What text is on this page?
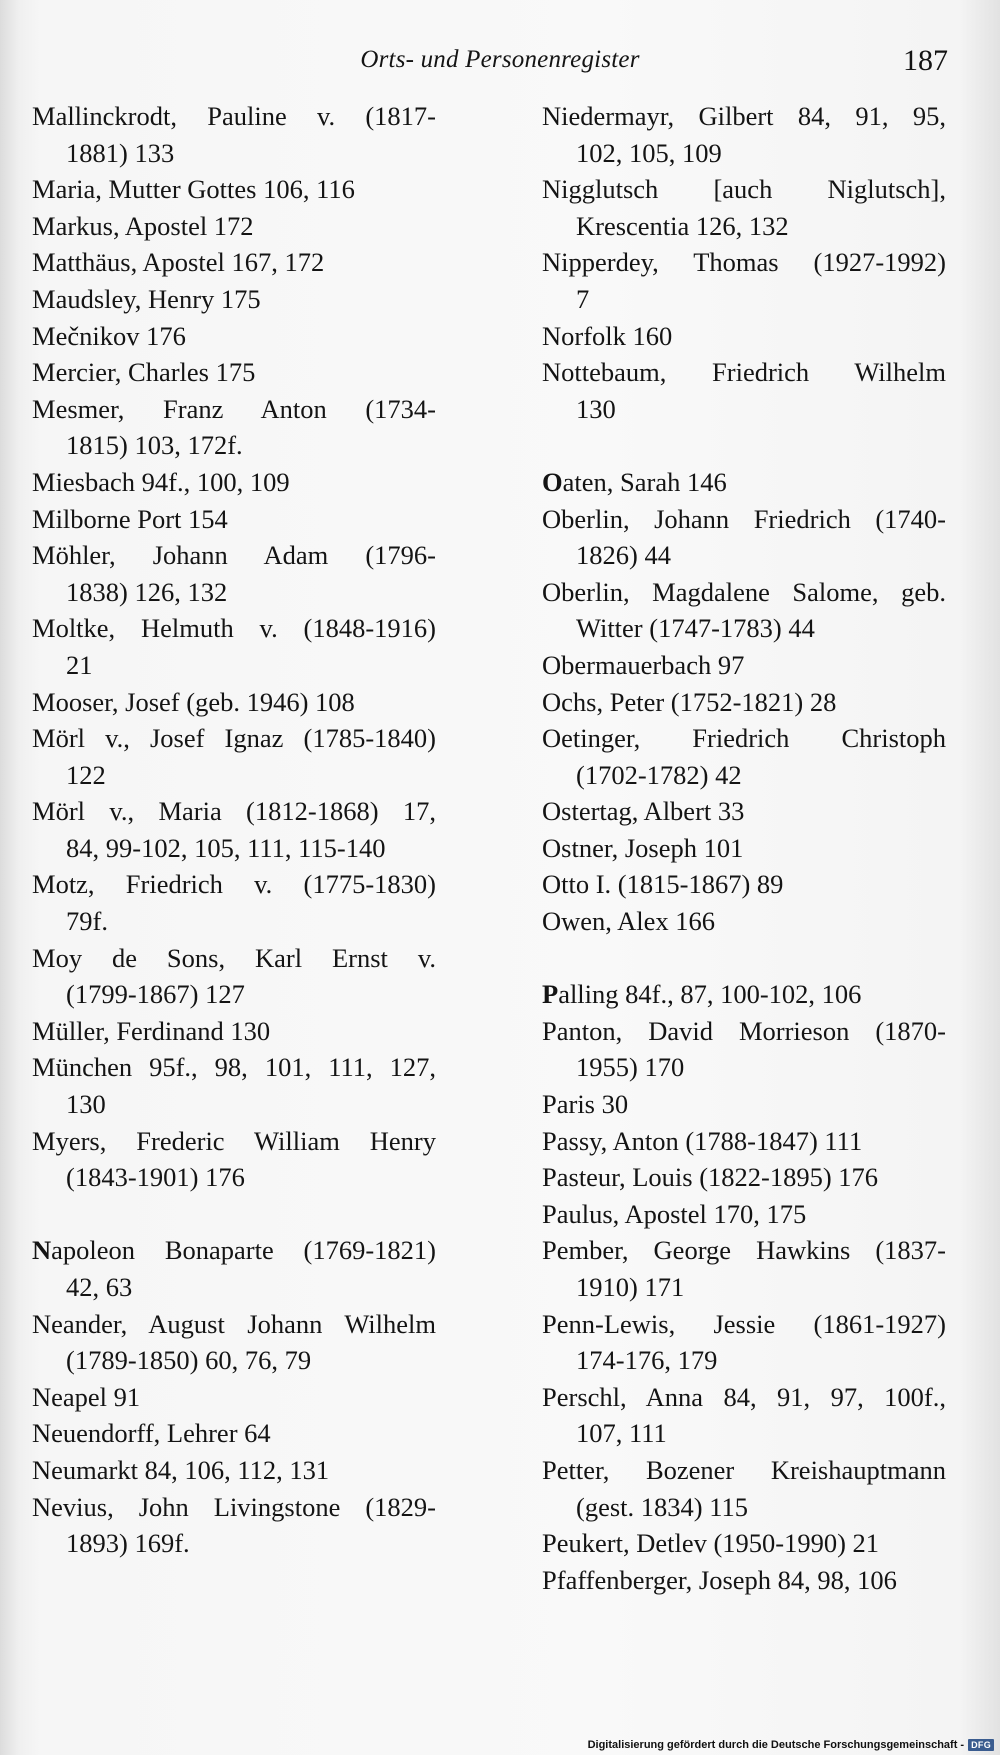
Orts- und Personenregister	187
Mallinckrodt, Pauline v. (1817-
1881) 133
Maria, Mutter Gottes 106, 116
Markus, Apostel 172
Matthäus, Apostel 167, 172
Maudsley, Henry 175
Mečnikov 176
Mercier, Charles 175
Mesmer, Franz Anton (1734-
1815) 103, 172f.
Miesbach 94f., 100, 109
Milborne Port 154
Möhler, Johann Adam (1796-
1838) 126, 132
Moltke, Helmuth v. (1848-1916)
21
Mooser, Josef (geb. 1946) 108
Mörl v., Josef Ignaz (1785-1840)
122
Mörl v., Maria (1812-1868) 17,
84, 99-102, 105, 111, 115-140
Motz, Friedrich v. (1775-1830)
79f.
Moy de Sons, Karl Ernst v.
(1799-1867) 127
Müller, Ferdinand 130
München 95f., 98, 101, 111, 127,
130
Myers, Frederic William Henry
(1843-1901) 176
Napoleon Bonaparte (1769-1821)
42, 63
Neander, August Johann Wilhelm
(1789-1850) 60, 76, 79
Neapel 91
Neuendorff, Lehrer 64
Neumarkt 84, 106, 112, 131
Nevius, John Livingstone (1829-
1893) 169f.
Niedermayr, Gilbert 84, 91, 95,
102, 105, 109
Nigglutsch [auch Niglutsch],
Krescentia 126, 132
Nipperdey, Thomas (1927-1992)
7
Norfolk 160
Nottebaum, Friedrich Wilhelm
130
Oaten, Sarah 146
Oberlin, Johann Friedrich (1740-
1826) 44
Oberlin, Magdalene Salome, geb.
Witter (1747-1783) 44
Obermauerbach 97
Ochs, Peter (1752-1821) 28
Oetinger, Friedrich Christoph
(1702-1782) 42
Ostertag, Albert 33
Ostner, Joseph 101
Otto I. (1815-1867) 89
Owen, Alex 166
Palling 84f., 87, 100-102, 106
Panton, David Morrieson (1870-
1955) 170
Paris 30
Passy, Anton (1788-1847) 111
Pasteur, Louis (1822-1895) 176
Paulus, Apostel 170, 175
Pember, George Hawkins (1837-
1910) 171
Penn-Lewis, Jessie (1861-1927)
174-176, 179
Perschl, Anna 84, 91, 97, 100f.,
107, 111
Petter, Bozener Kreishauptmann
(gest. 1834) 115
Peukert, Detlev (1950-1990) 21
Pfaffenberger, Joseph 84, 98, 106
Digitalisierung gefördert durch die Deutsche Forschungsgemeinschaft - DFG
